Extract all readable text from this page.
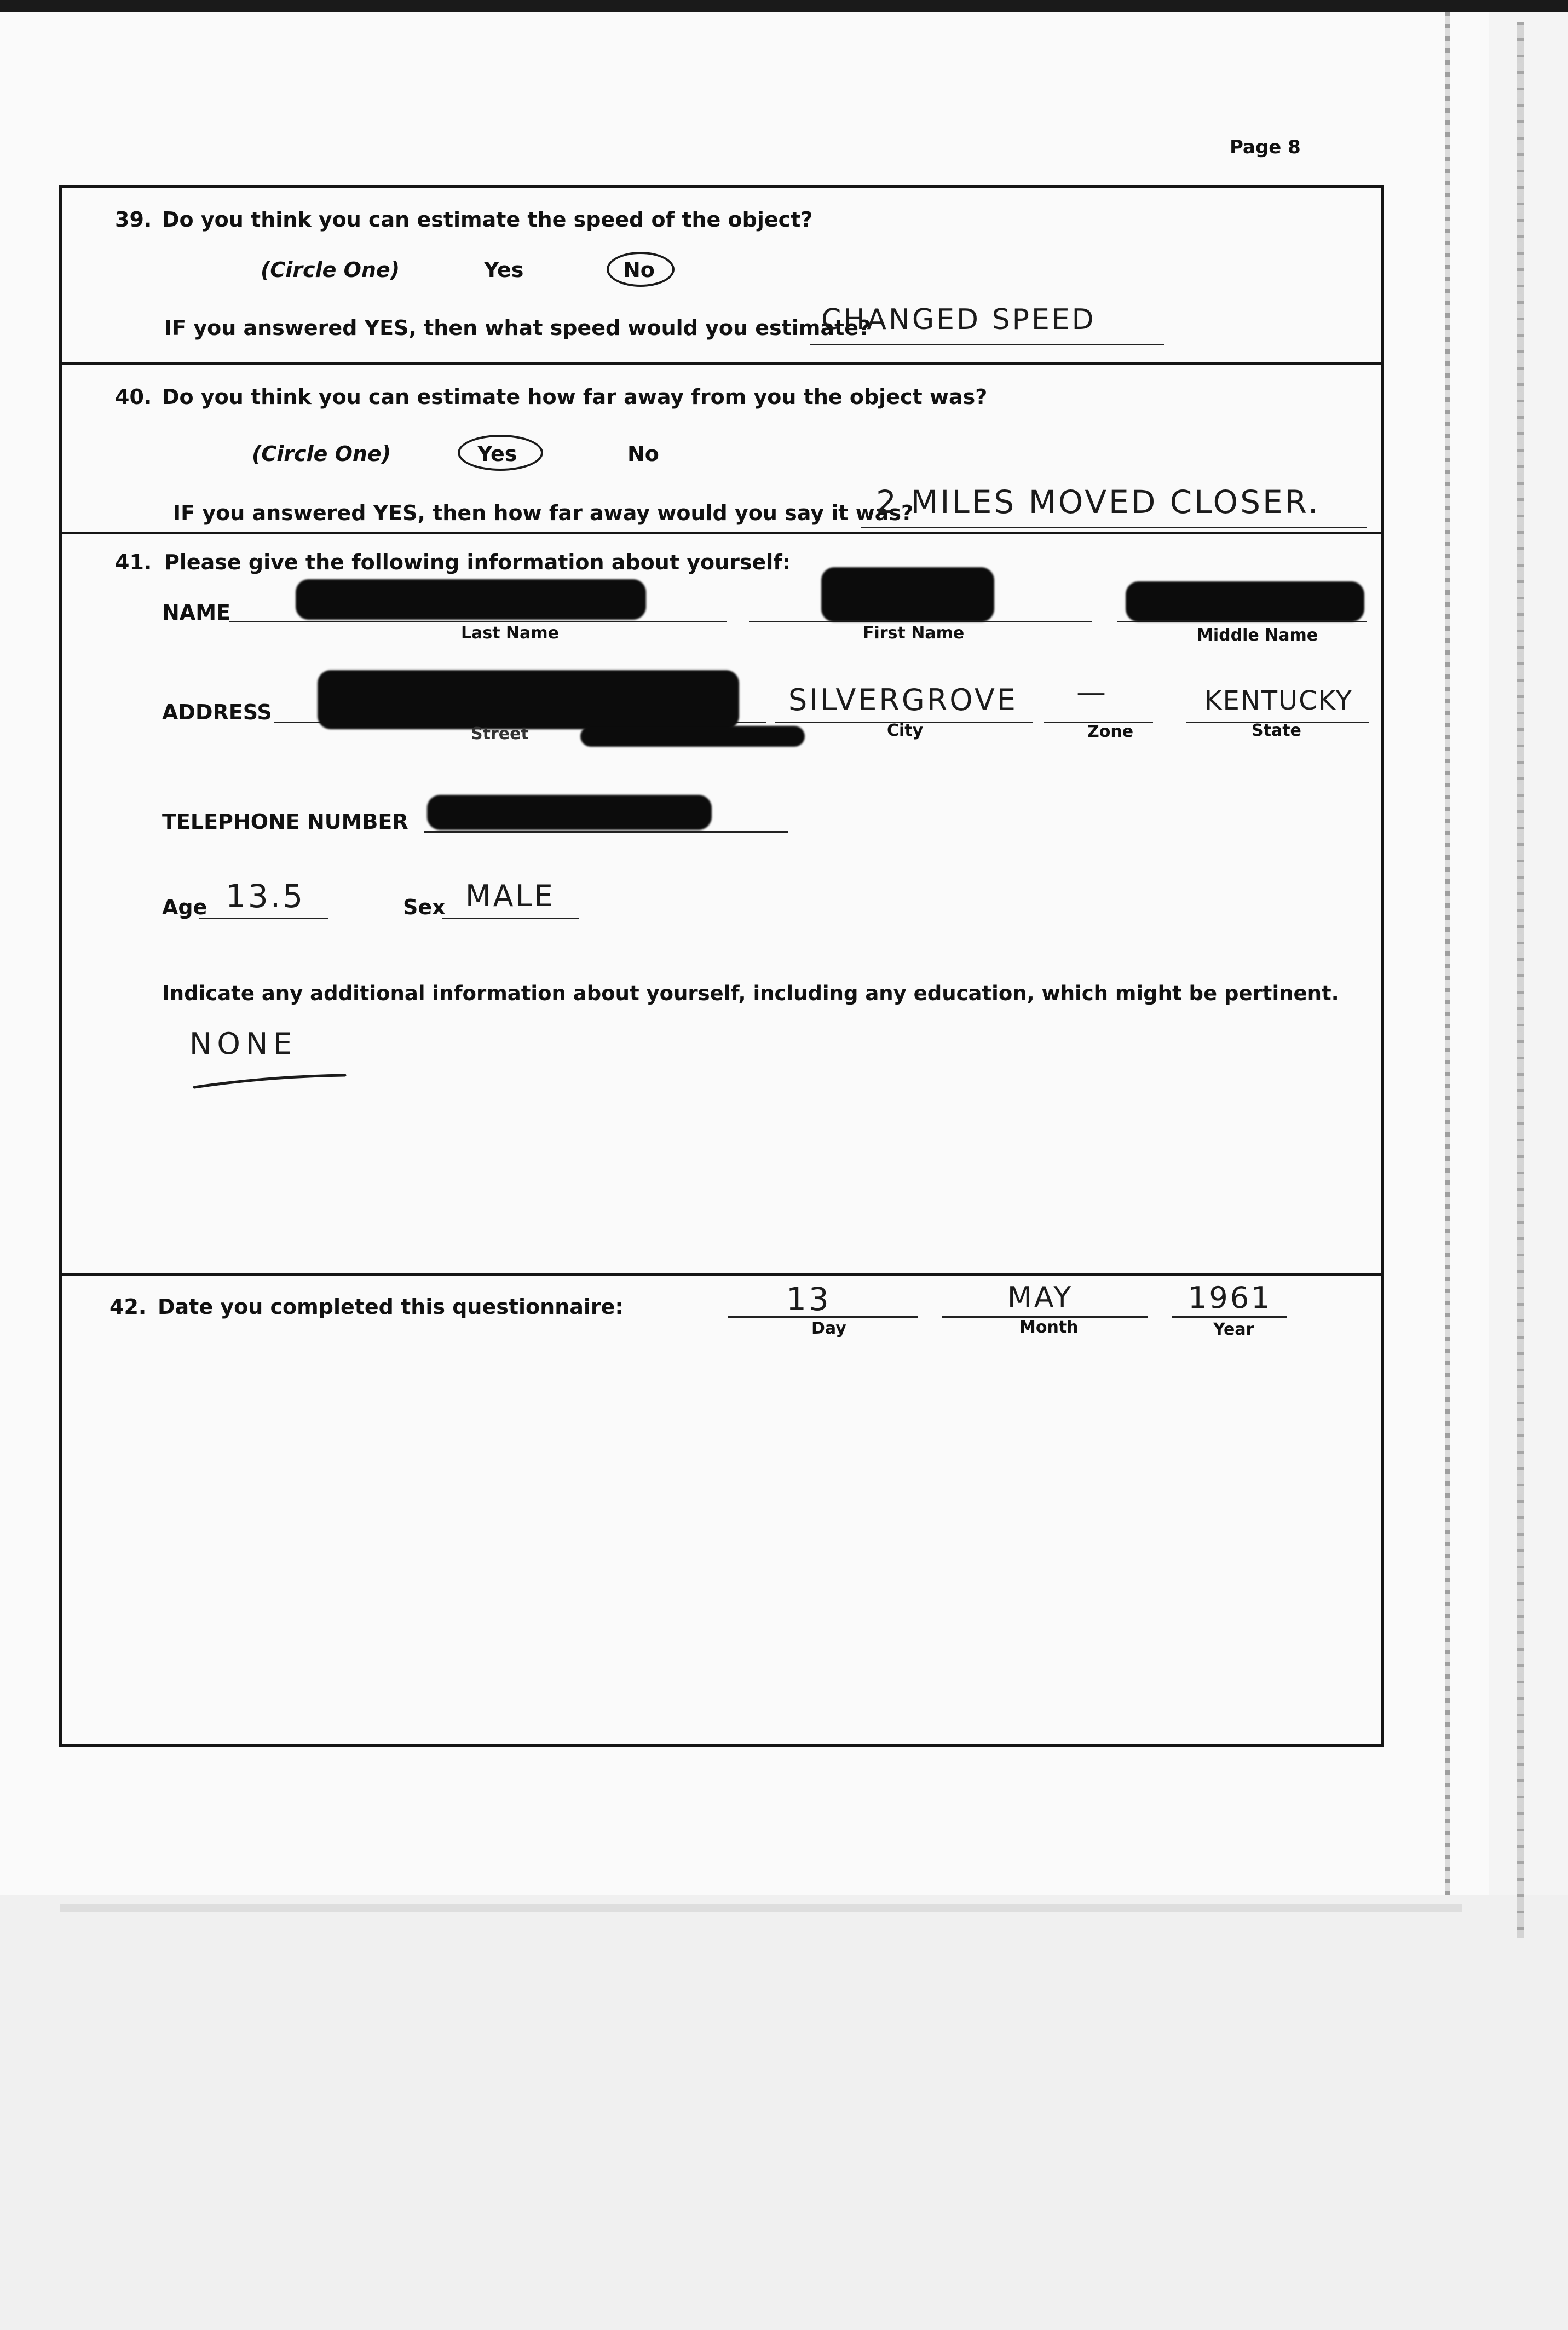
Page 8
39. Do you think you can estimate the speed of the object?
(Circle One)	Yes	No
IF you answered YES, then what speed would you estimate?
CHANGED SPEED
40. Do you think you can estimate how far away from you the object was?
(Circle One)	Yes	No
IF you answered YES, then how far away would you say it was?
2 MILES MOVED CLOSER.
41. Please give the following information about yourself:
NAME
Last Name	First Name	Middle Name
ADDRESS
Street
SILVERGROVE
City
—
Zone
KENTUCKY
State
TELEPHONE NUMBER
Age 13.5	Sex MALE
Indicate any additional information about yourself, including any education, which might be pertinent.
NONE
42. Date you completed this questionnaire:	13
Day
MAY
Month
1961
Year
